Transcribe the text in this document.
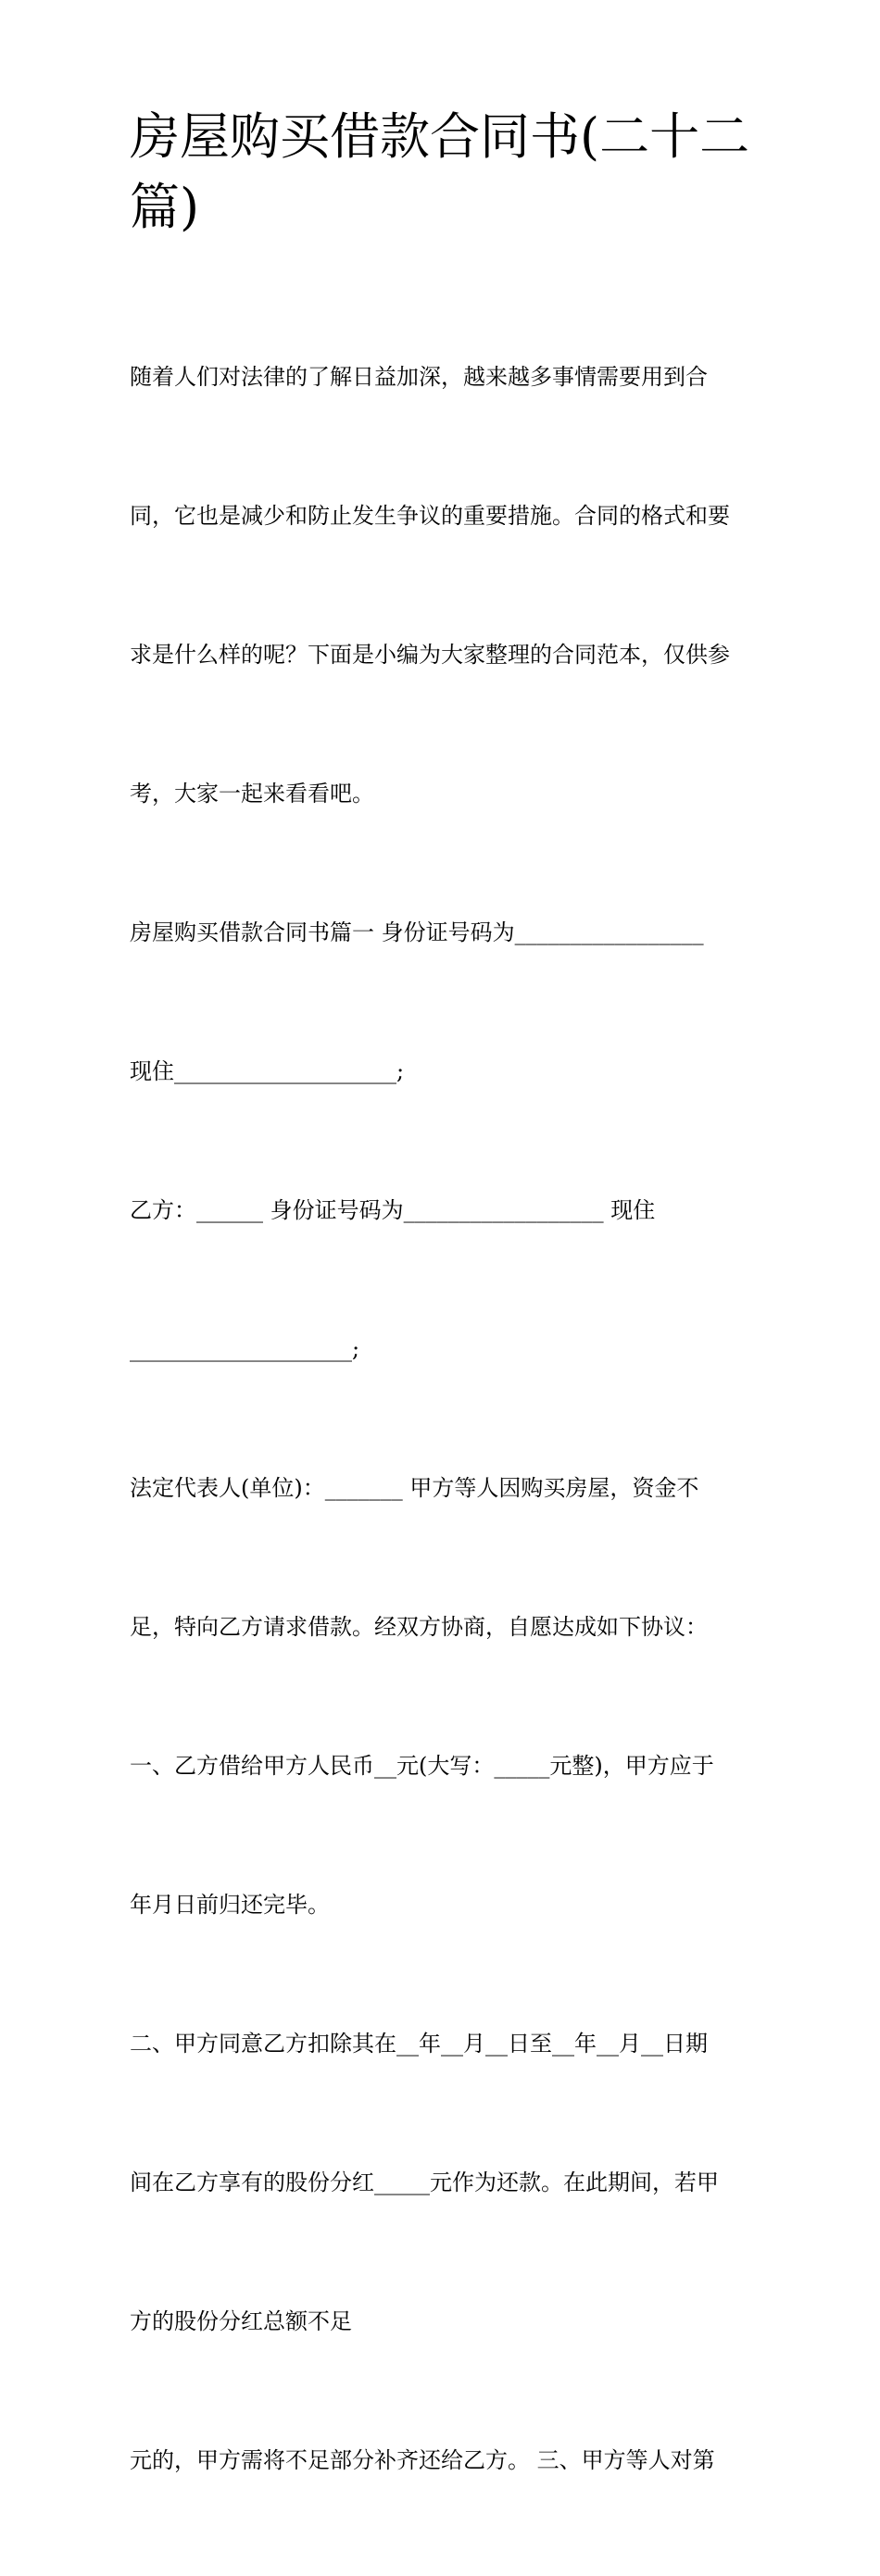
房屋购买借款合同书(二十二
篇)

随着人们对法律的了解日益加深，越来越多事情需要用到合

同，它也是减少和防止发生争议的重要措施。合同的格式和要

求是什么样的呢？下面是小编为大家整理的合同范本，仅供参

考，大家一起来看看吧。

房屋购买借款合同书篇一 身份证号码为_________________

现住____________________;

乙方：______ 身份证号码为__________________ 现住

____________________;

法定代表人(单位)：_______ 甲方等人因购买房屋，资金不

足，特向乙方请求借款。经双方协商，自愿达成如下协议：

一、乙方借给甲方人民币__元(大写：_____元整)，甲方应于

年月日前归还完毕。

二、甲方同意乙方扣除其在__年__月__日至__年__月__日期

间在乙方享有的股份分红_____元作为还款。在此期间，若甲

方的股份分红总额不足

元的，甲方需将不足部分补齐还给乙方。 三、甲方等人对第
